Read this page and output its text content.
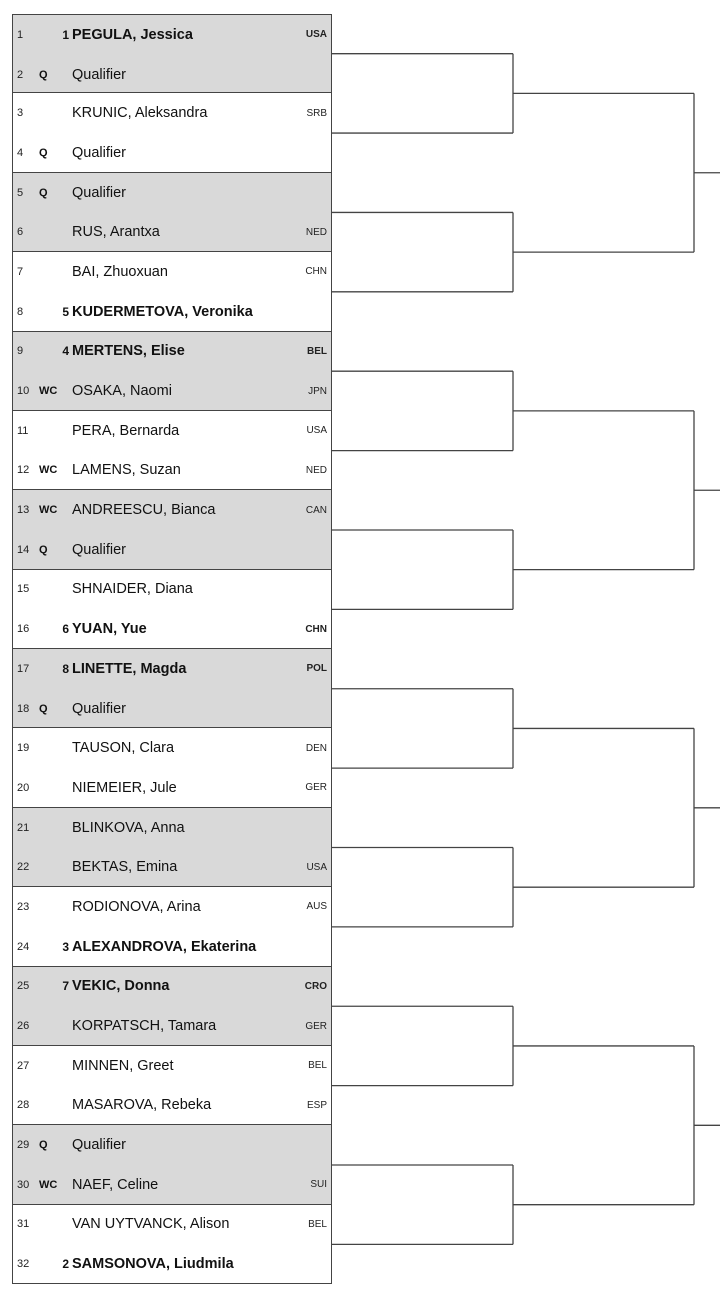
1	1 PEGULA, Jessica	USA
2	Q	Qualifier
3	KRUNIC, Aleksandra	SRB
4	Q	Qualifier
5	Q	Qualifier
6	RUS, Arantxa	NED
7	BAI, Zhuoxuan	CHN
8	5 KUDERMETOVA, Veronika
9	4 MERTENS, Elise	BEL
10 WC	OSAKA, Naomi	JPN
11	PERA, Bernarda	USA
12 WC	LAMENS, Suzan	NED
13 WC	ANDREESCU, Bianca	CAN
14 Q	Qualifier
15	SHNAIDER, Diana
16	6 YUAN, Yue	CHN
17	8 LINETTE, Magda	POL
18 Q	Qualifier
19	TAUSON, Clara	DEN
20	NIEMEIER, Jule	GER
21	BLINKOVA, Anna
22	BEKTAS, Emina	USA
23	RODIONOVA, Arina	AUS
24	3 ALEXANDROVA, Ekaterina
25	7 VEKIC, Donna	CRO
26	KORPATSCH, Tamara	GER
27	MINNEN, Greet	BEL
28	MASAROVA, Rebeka	ESP
29 Q	Qualifier
30 WC	NAEF, Celine	SUI
31	VAN UYTVANCK, Alison	BEL
32	2 SAMSONOVA, Liudmila
